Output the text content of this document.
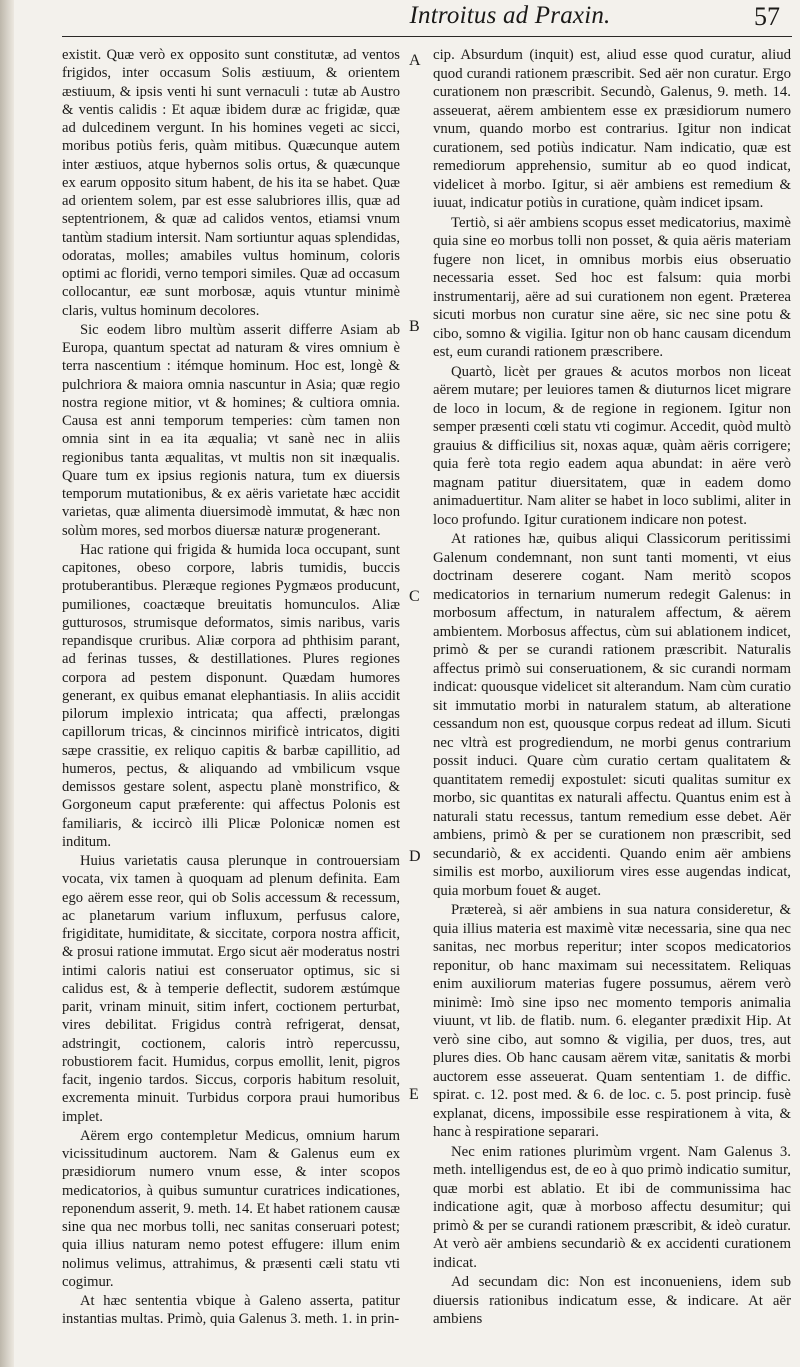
Introitus ad Praxin.	57

existit. Quæ verò ex opposito sunt constitutæ, ad ventos frigidos, inter occasum Solis æstiuum, & orientem æstiuum, & ipsis venti hi sunt vernaculi : tutæ ab Austro & ventis calidis : Et aquæ ibidem duræ ac frigidæ, quæ ad dulcedinem vergunt. In his homines vegeti ac sicci, moribus potiùs feris, quàm mitibus. Quæcunque autem inter æstiuos, atque hybernos solis ortus, & quæcunque ex earum opposito situm habent, de his ita se habet. Quæ ad orientem solem, par est esse salubriores illis, quæ ad septentrionem, & quæ ad calidos ventos, etiamsi vnum tantùm stadium intersit. Nam sortiuntur aquas splendidas, odoratas, molles; amabiles vultus hominum, coloris optimi ac floridi, verno tempori similes. Quæ ad occasum collocantur, eæ sunt morbosæ, aquis vtuntur minimè claris, vultus hominum decolores.

Sic eodem libro multùm asserit differre Asiam ab Europa, quantum spectat ad naturam & vires omnium è terra nascentium : itémque hominum. Hoc est, longè & pulchriora & maiora omnia nascuntur in Asia; quæ regio nostra regione mitior, vt & homines; & cultiora omnia. Causa est anni temporum temperies: cùm tamen non omnia sint in ea ita æqualia; vt sanè nec in aliis regionibus tanta æqualitas, vt multis non sit inæqualis. Quare tum ex ipsius regionis natura, tum ex diuersis temporum mutationibus, & ex aëris varietate hæc accidit varietas, quæ alimenta diuersimodè immutat, & hæc non solùm mores, sed morbos diuersæ naturæ progenerant.

Hac ratione qui frigida & humida loca occupant, sunt capitones, obeso corpore, labris tumidis, buccis protuberantibus. Pleræque regiones Pygmæos producunt, pumiliones, coactæque breuitatis homunculos. Aliæ gutturosos, strumisque deformatos, simis naribus, varis repandisque cruribus. Aliæ corpora ad phthisim parant, ad ferinas tusses, & destillationes. Plures regiones corpora ad pestem disponunt. Quædam humores generant, ex quibus emanat elephantiasis. In aliis accidit pilorum implexio intricata; qua affecti, prælongas capillorum tricas, & cincinnos mirificè intricatos, digiti sæpe crassitie, ex reliquo capitis & barbæ capillitio, ad humeros, pectus, & aliquando ad vmbilicum vsque demissos gestare solent, aspectu planè monstrifico, & Gorgoneum caput præferente: qui affectus Polonis est familiaris, & iccircò illi Plicæ Polonicæ nomen est inditum.

Huius varietatis causa plerunque in controuersiam vocata, vix tamen à quoquam ad plenum definita. Eam ego aërem esse reor, qui ob Solis accessum & recessum, ac planetarum varium influxum, perfusus calore, frigiditate, humiditate, & siccitate, corpora nostra afficit, & prosui ratione immutat. Ergo sicut aër moderatus nostri intimi caloris natiui est conseruator optimus, sic si calidus est, & à temperie deflectit, sudorem æstúmque parit, vrinam minuit, sitim infert, coctionem perturbat, vires debilitat. Frigidus contrà refrigerat, densat, adstringit, coctionem, caloris intrò repercussu, robustiorem facit. Humidus, corpus emollit, lenit, pigros facit, ingenio tardos. Siccus, corporis habitum resoluit, excrementa minuit. Turbidus corpora praui humoribus implet.

Aërem ergo contempletur Medicus, omnium harum vicissitudinum auctorem. Nam & Galenus eum ex præsidiorum numero vnum esse, & inter scopos medicatorios, à quibus sumuntur curatrices indicationes, reponendum asserit, 9. meth. 14. Et habet rationem causæ sine qua nec morbus tolli, nec sanitas conseruari potest; quia illius naturam nemo potest effugere: illum enim nolimus velimus, attrahimus, & præsenti cæli statu vti cogimur.

At hæc sententia vbique à Galeno asserta, patitur instantias multas. Primò, quia Galenus 3. meth. 1. in prin-

A
B
C
D
E

cip. Absurdum (inquit) est, aliud esse quod curatur, aliud quod curandi rationem præscribit. Sed aër non curatur. Ergo curationem non præscribit. Secundò, Galenus, 9. meth. 14. asseuerat, aërem ambientem esse ex præsidiorum numero vnum, quando morbo est contrarius. Igitur non indicat curationem, sed potiùs indicatur. Nam indicatio, quæ est remediorum apprehensio, sumitur ab eo quod indicat, videlicet à morbo. Igitur, si aër ambiens est remedium & iuuat, indicatur potiùs in curatione, quàm indicet ipsam.

Tertiò, si aër ambiens scopus esset medicatorius, maximè quia sine eo morbus tolli non posset, & quia aëris materiam fugere non licet, in omnibus morbis eius obseruatio necessaria esset. Sed hoc est falsum: quia morbi instrumentarij, aëre ad sui curationem non egent. Præterea sicuti morbus non curatur sine aëre, sic nec sine potu & cibo, somno & vigilia. Igitur non ob hanc causam dicendum est, eum curandi rationem præscribere.

Quartò, licèt per graues & acutos morbos non liceat aërem mutare; per leuiores tamen & diuturnos licet migrare de loco in locum, & de regione in regionem. Igitur non semper præsenti cœli statu vti cogimur. Accedit, quòd multò grauius & difficilius sit, noxas aquæ, quàm aëris corrigere; quia ferè tota regio eadem aqua abundat: in aëre verò magnam patitur diuersitatem, quæ in eadem domo animaduertitur. Nam aliter se habet in loco sublimi, aliter in loco profundo. Igitur curationem indicare non potest.

At rationes hæ, quibus aliqui Classicorum peritissimi Galenum condemnant, non sunt tanti momenti, vt eius doctrinam deserere cogant. Nam meritò scopos medicatorios in ternarium numerum redegit Galenus: in morbosum affectum, in naturalem affectum, & aërem ambientem. Morbosus affectus, cùm sui ablationem indicet, primò & per se curandi rationem præscribit. Naturalis affectus primò sui conseruationem, & sic curandi normam indicat: quousque videlicet sit alterandum. Nam cùm curatio sit immutatio morbi in naturalem statum, ab alteratione cessandum non est, quousque corpus redeat ad illum. Sicuti nec vltrà est progrediendum, ne morbi genus contrarium possit induci. Quare cùm curatio certam qualitatem & quantitatem remedij expostulet: sicuti qualitas sumitur ex morbo, sic quantitas ex naturali affectu. Quantus enim est à naturali statu recessus, tantum remedium esse debet. Aër ambiens, primò & per se curationem non præscribit, sed secundariò, & ex accidenti. Quando enim aër ambiens similis est morbo, auxiliorum vires esse augendas indicat, quia morbum fouet & auget.

Prætereà, si aër ambiens in sua natura consideretur, & quia illius materia est maximè vitæ necessaria, sine qua nec sanitas, nec morbus reperitur; inter scopos medicatorios reponitur, ob hanc maximam sui necessitatem. Reliquas enim auxiliorum materias fugere possumus, aërem verò minimè: Imò sine ipso nec momento temporis animalia viuunt, vt lib. de flatib. num. 6. eleganter prædixit Hip. At verò sine cibo, aut somno & vigilia, per duos, tres, aut plures dies. Ob hanc causam aërem vitæ, sanitatis & morbi auctorem esse asseuerat. Quam sententiam 1. de diffic. spirat. c. 12. post med. & 6. de loc. c. 5. post princip. fusè explanat, dicens, impossibile esse respirationem à vita, & hanc à respiratione separari.

Nec enim rationes plurimùm vrgent. Nam Galenus 3. meth. intelligendus est, de eo à quo primò indicatio sumitur, quæ morbi est ablatio. Et ibi de communissima hac indicatione agit, quæ à morboso affectu desumitur; qui primò & per se curandi rationem præscribit, & ideò curatur. At verò aër ambiens secundariò & ex accidenti curationem indicat.

Ad secundam dic: Non est inconueniens, idem sub diuersis rationibus indicatum esse, & indicare. At aër ambiens
